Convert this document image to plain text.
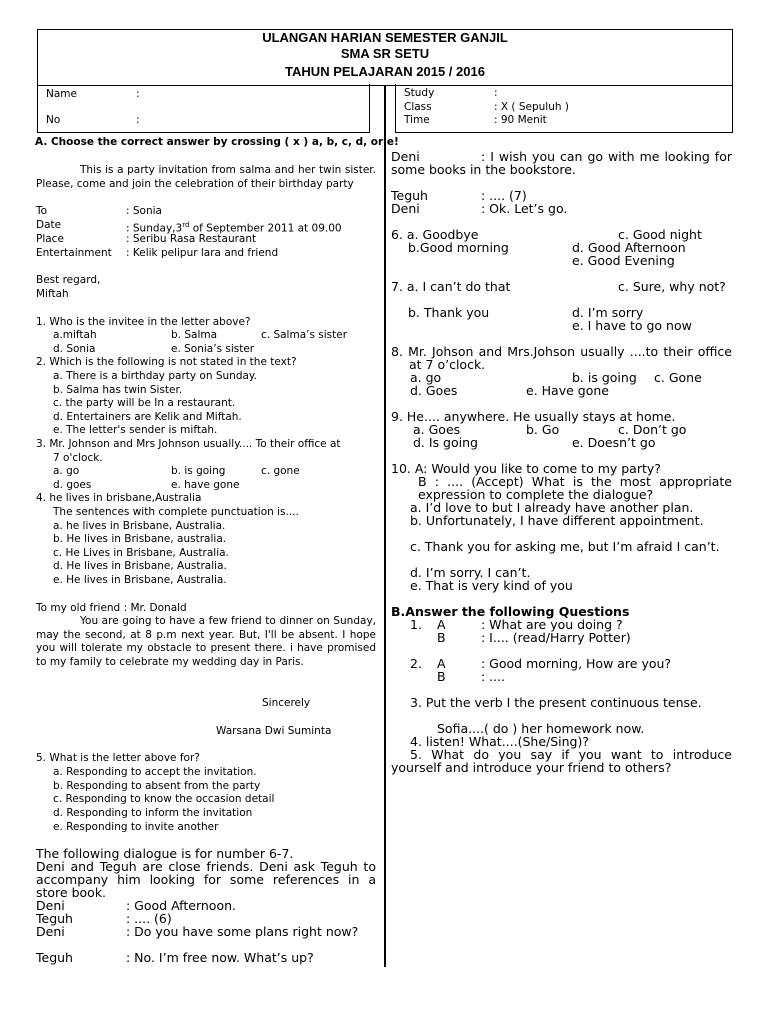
ULANGAN HARIAN SEMESTER GANJIL
SMA SR SETU
TAHUN PELAJARAN 2015 / 2016
Name	:
No	:
Study	:
Class	: X ( Sepuluh )
Time	: 90 Menit
A. Choose the correct answer by crossing ( x ) a, b, c, d, or e!
This is a party invitation from salma and her twin sister. Please, come and join the celebration of their birthday party
To	: Sonia
Date	: Sunday,3rd of September 2011 at 09.00
Place	: Seribu Rasa Restaurant
Entertainment : Kelik pelipur lara and friend
Best regard,
Miftah
1. Who is the invitee in the letter above?
a.miftah	b. Salma	c. Salma’s sister
d. Sonia	e. Sonia’s sister
2. Which is the following is not stated in the text?
a. There is a birthday party on Sunday.
b. Salma has twin Sister.
c. the party will be In a restaurant.
d. Entertainers are Kelik and Miftah.
e. The letter's sender is miftah.
3. Mr. Johnson and Mrs Johnson usually.... To their office at
7 o'clock.
a. go	b. is going	c. gone
d. goes	e. have gone
4. he lives in brisbane,Australia
The sentences with complete punctuation is....
a. he lives in Brisbane, Australia.
b. He lives in Brisbane, australia.
c. He Lives in Brisbane, Australia.
d. He lives in Brisbane, Australia.
e. He lives in Brisbane, Australia.
To my old friend : Mr. Donald
You are going to have a few friend to dinner on Sunday, may the second, at 8 p.m next year. But, I'll be absent. I hope you will tolerate my obstacle to present there. i have promised to my family to celebrate my wedding day in Paris.
Sincerely
Warsana Dwi Suminta
5. What is the letter above for?
a. Responding to accept the invitation.
b. Responding to absent from the party
c. Responding to know the occasion detail
d. Responding to inform the invitation
e. Responding to invite another
The following dialogue is for number 6-7.
Deni and Teguh are close friends. Deni ask Teguh to accompany him looking for some references in a store book.
Deni	: Good Afternoon.
Teguh	: .... (6)
Deni	: Do you have some plans right now?
Teguh	: No. I’m free now. What’s up?
Deni	: I wish you can go with me looking for some books in the bookstore.
Teguh	: .... (7)
Deni	: Ok. Let’s go.
6. a. Goodbye	c. Good night
b.Good morning	d. Good Afternoon
e. Good Evening
7. a. I can’t do that	c. Sure, why not?
b. Thank you	d. I’m sorry
e. I have to go now
8. Mr. Johson and Mrs.Johson usually ....to their office at 7 o’clock.
a. go	b. is going c. Gone
d. Goes	e. Have gone
9. He.... anywhere. He usually stays at home.
a. Goes	b. Go	c. Don’t go
d. Is going	e. Doesn’t go
10. A: Would you like to come to my party?
B : .... (Accept) What is the most appropriate expression to complete the dialogue?
a. I’d love to but I already have another plan.
b. Unfortunately, I have different appointment.
c. Thank you for asking me, but I’m afraid I can’t.
d. I’m sorry. I can’t.
e. That is very kind of you
B.Answer the following Questions
1. A	: What are you doing ?
B	: I.... (read/Harry Potter)
2. A	: Good morning, How are you?
B	: ....
3. Put the verb I the present continuous tense.
Sofia....( do ) her homework now.
4. listen! What....(She/Sing)?
5. What do you say if you want to introduce yourself and introduce your friend to others?
